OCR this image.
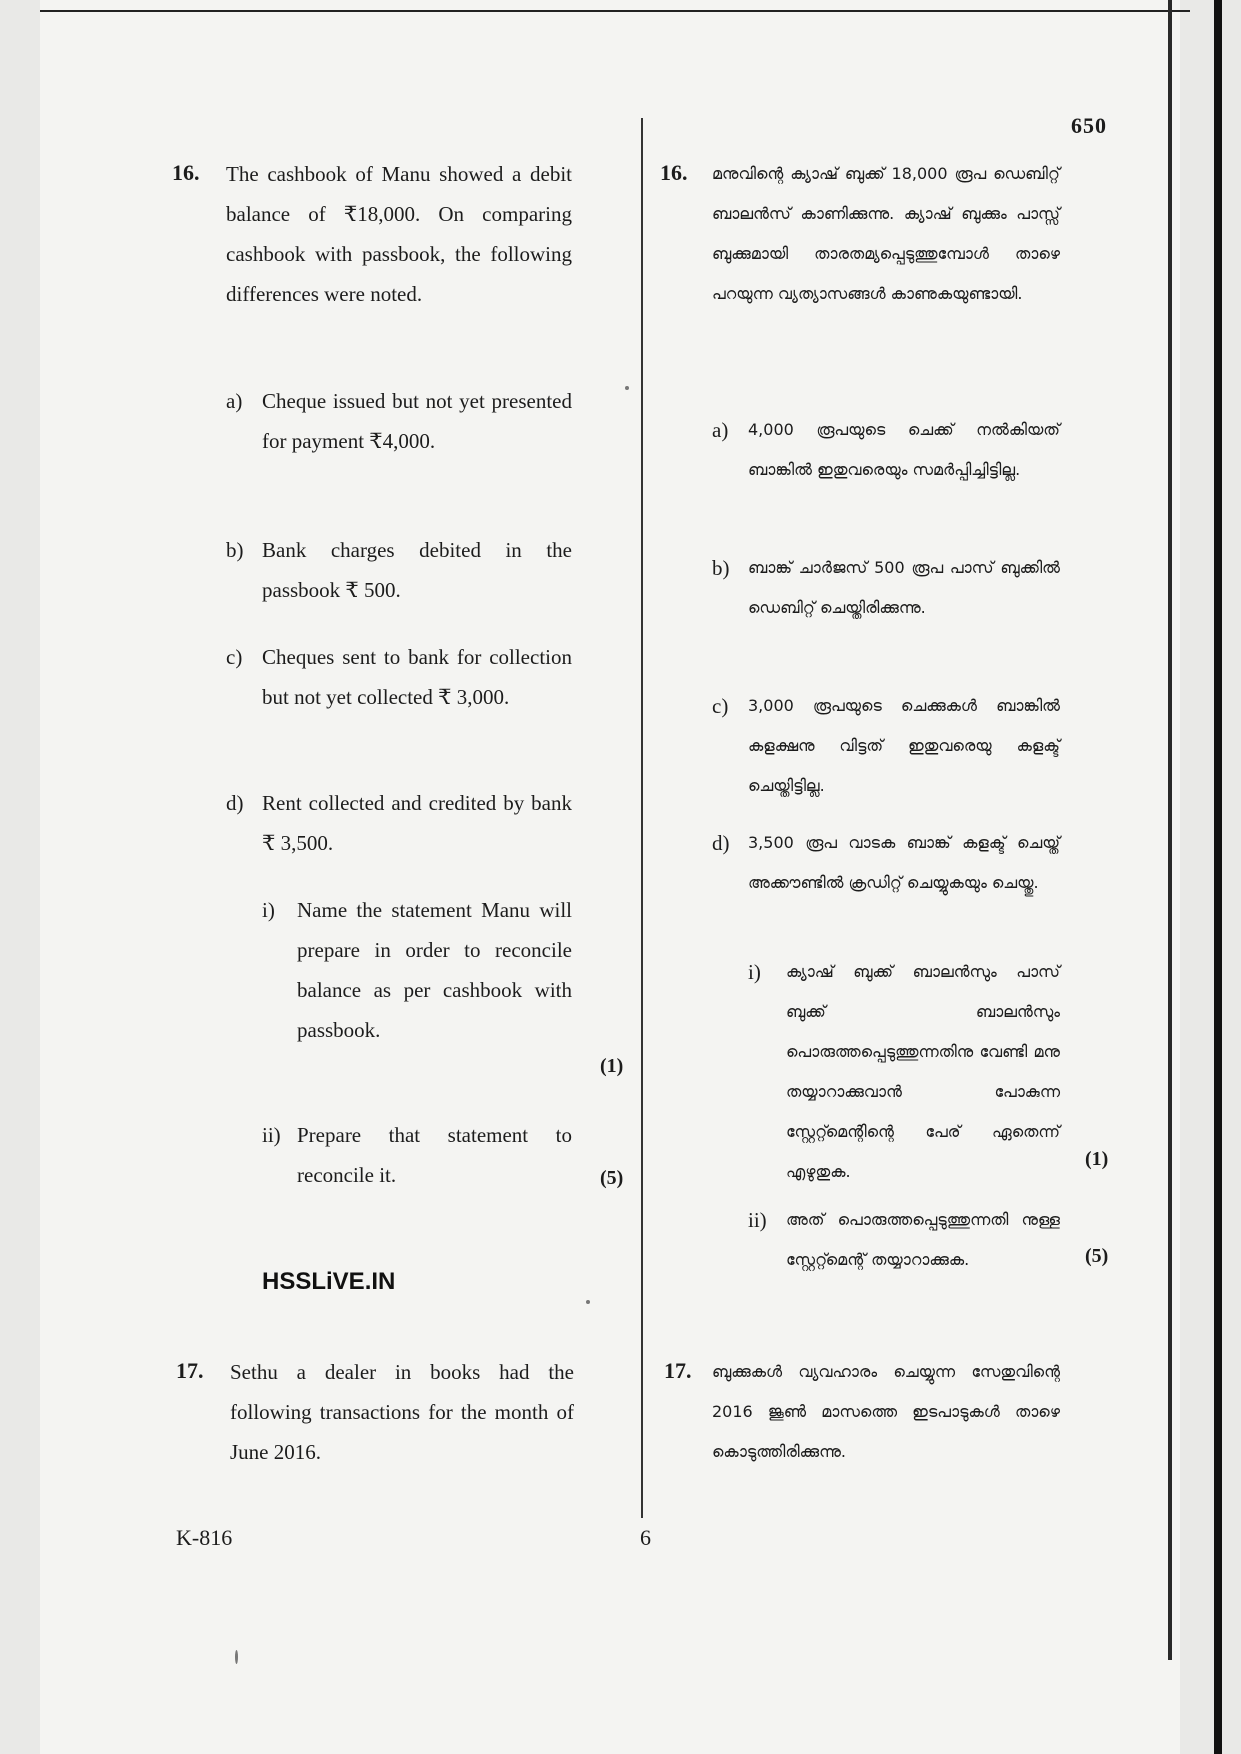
650
16. The cashbook of Manu showed a debit balance of ₹18,000. On comparing cashbook with passbook, the following differences were noted.
a) Cheque issued but not yet presented for payment ₹4,000.
b) Bank charges debited in the passbook ₹ 500.
c) Cheques sent to bank for collection but not yet collected ₹ 3,000.
d) Rent collected and credited by bank ₹ 3,500.
i) Name the statement Manu will prepare in order to reconcile balance as per cashbook with passbook.
(1)
ii) Prepare that statement to reconcile it.	(5)
HSSLiVE.IN
17. Sethu a dealer in books had the following transactions for the month of June 2016.
16. മനുവിന്റെ ക്യാഷ് ബുക്ക് 18,000 രൂപ ഡെബിറ്റ് ബാലൻസ് കാണിക്കുന്നു. ക്യാഷ് ബുക്കും പാസ്സ് ബുക്കുമായി താരതമ്യപ്പെടുത്തുമ്പോൾ താഴെ പറയുന്ന വ്യത്യാസങ്ങൾ കാണുകയുണ്ടായി.
a) 4,000 രൂപയുടെ ചെക്ക് നൽകിയത് ബാങ്കിൽ ഇതുവരെയും സമർപ്പിച്ചിട്ടില്ല.
b) ബാങ്ക് ചാർജസ് 500 രൂപ പാസ് ബുക്കിൽ ഡെബിറ്റ് ചെയ്തിരിക്കുന്നു.
c) 3,000 രൂപയുടെ ചെക്കുകൾ ബാങ്കിൽ കളക്ഷനു വിട്ടത് ഇതുവരെയു കളക്ട് ചെയ്തിട്ടില്ല.
d) 3,500 രൂപ വാടക ബാങ്ക് കളക്ട് ചെയ്ത് അക്കൗണ്ടിൽ ക്രഡിറ്റ് ചെയ്യുകയും ചെയ്തു.
i) ക്യാഷ് ബുക്ക് ബാലൻസും പാസ് ബുക്ക് ബാലൻസും പൊരുത്തപ്പെടുത്തുന്നതിനു വേണ്ടി മനു തയ്യാറാക്കുവാൻ പോകുന്ന സ്റ്റേറ്റ്മെന്റിന്റെ പേര് ഏതെന്ന് എഴുതുക.
(1)
ii) അത് പൊരുത്തപ്പെടുത്തുന്നതി നുള്ള സ്റ്റേറ്റ്മെന്റ് തയ്യാറാക്കുക.	(5)
17. ബുക്കുകൾ വ്യവഹാരം ചെയ്യുന്ന സേതുവിന്റെ 2016 ജൂൺ മാസത്തെ ഇടപാടുകൾ താഴെ കൊടുത്തിരിക്കുന്നു.
K-816	6
